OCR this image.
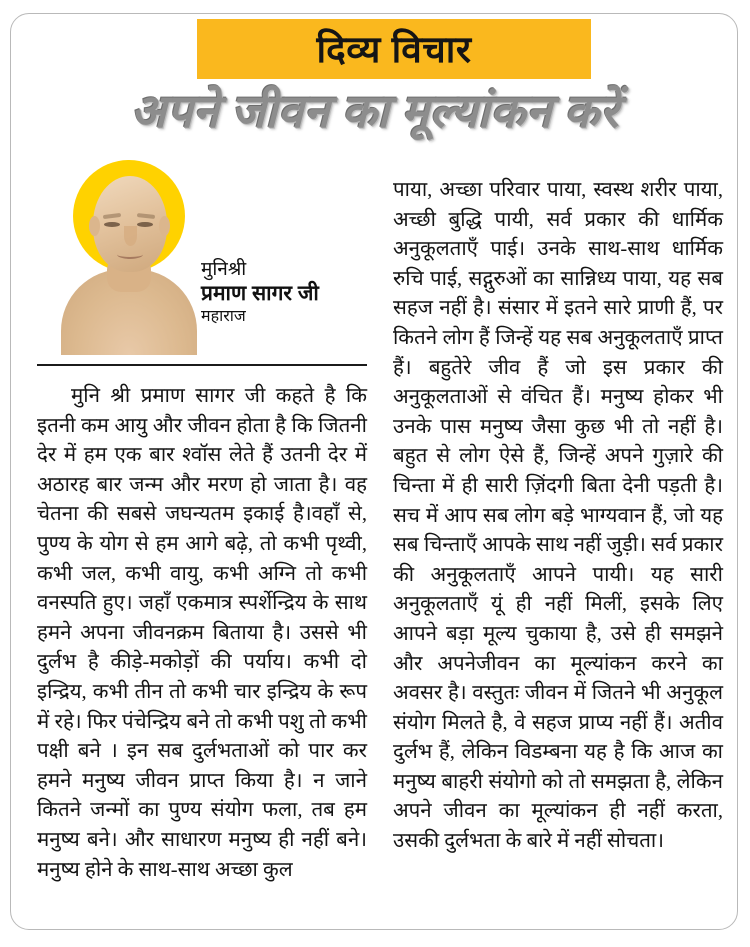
दिव्य विचार
अपने जीवन का मूल्यांकन करें
मुनिश्री
प्रमाण सागर जी
महाराज

मुनि श्री प्रमाण सागर जी कहते है कि इतनी कम आयु और जीवन होता है कि जितनी देर में हम एक बार श्वॉस लेते हैं उतनी देर में अठारह बार जन्म और मरण हो जाता है। वह चेतना की सबसे जघन्यतम इकाई है।वहाँ से, पुण्य के योग से हम आगे बढ़े, तो कभी पृथ्वी, कभी जल, कभी वायु, कभी अग्नि तो कभी वनस्पति हुए। जहाँ एकमात्र स्पर्शेन्द्रिय के साथ हमने अपना जीवनक्रम बिताया है। उससे भी दुर्लभ है कीड़े-मकोड़ों की पर्याय। कभी दो इन्द्रिय, कभी तीन तो कभी चार इन्द्रिय के रूप में रहे। फिर पंचेन्द्रिय बने तो कभी पशु तो कभी पक्षी बने । इन सब दुर्लभताओं को पार कर हमने मनुष्य जीवन प्राप्त किया है। न जाने कितने जन्मों का पुण्य संयोग फला, तब हम मनुष्य बने। और साधारण मनुष्य ही नहीं बने। मनुष्य होने के साथ-साथ अच्छा कुल

पाया, अच्छा परिवार पाया, स्वस्थ शरीर पाया, अच्छी बुद्धि पायी, सर्व प्रकार की धार्मिक अनुकूलताएँ पाई। उनके साथ-साथ धार्मिक रुचि पाई, सद्गुरुओं का सान्निध्य पाया, यह सब सहज नहीं है। संसार में इतने सारे प्राणी हैं, पर कितने लोग हैं जिन्हें यह सब अनुकूलताएँ प्राप्त हैं। बहुतेरे जीव हैं जो इस प्रकार की अनुकूलताओं से वंचित हैं। मनुष्य होकर भी उनके पास मनुष्य जैसा कुछ भी तो नहीं है। बहुत से लोग ऐसे हैं, जिन्हें अपने गुज़ारे की चिन्ता में ही सारी ज़िंदगी बिता देनी पड़ती है। सच में आप सब लोग बड़े भाग्यवान हैं, जो यह सब चिन्ताएँ आपके साथ नहीं जुड़ी। सर्व प्रकार की अनुकूलताएँ आपने पायी। यह सारी अनुकूलताएँ यूं ही नहीं मिलीं, इसके लिए आपने बड़ा मूल्य चुकाया है, उसे ही समझने और अपनेजीवन का मूल्यांकन करने का अवसर है। वस्तुतः जीवन में जितने भी अनुकूल संयोग मिलते है, वे सहज प्राप्य नहीं हैं। अतीव दुर्लभ हैं, लेकिन विडम्बना यह है कि आज का मनुष्य बाहरी संयोगो को तो समझता है, लेकिन अपने जीवन का मूल्यांकन ही नहीं करता, उसकी दुर्लभता के बारे में नहीं सोचता।
